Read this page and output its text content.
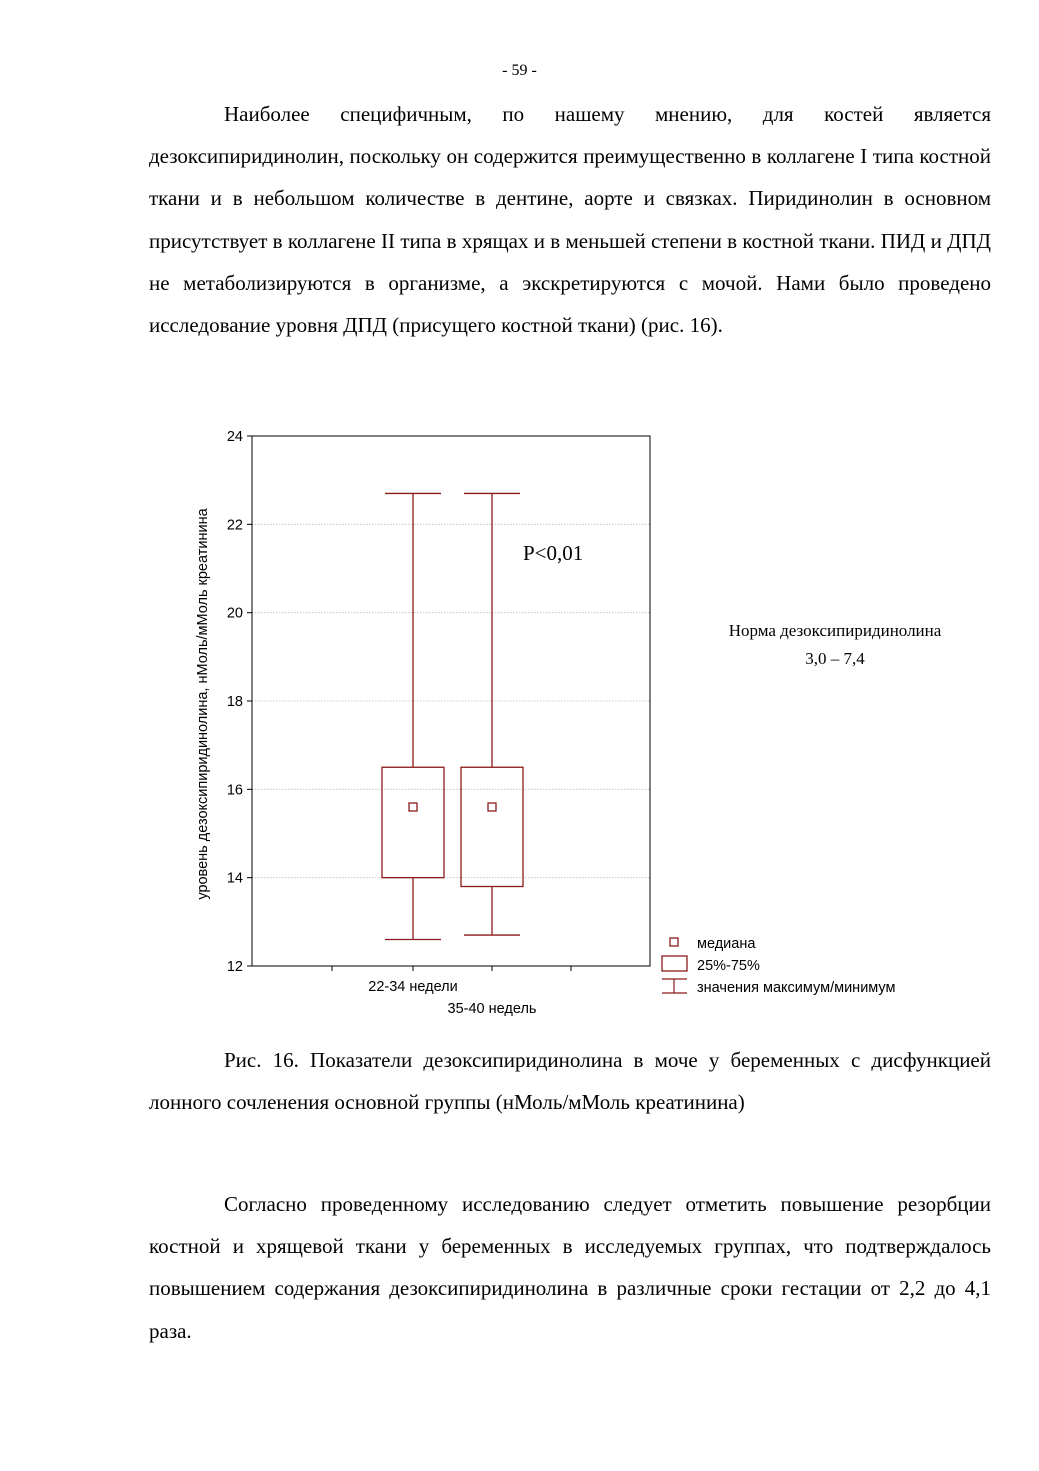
- 59 -

Наиболее специфичным, по нашему мнению, для костей является дезоксипиридинолин, поскольку он содержится преимущественно в коллагене I типа костной ткани и в небольшом количестве в дентине, аорте и связках. Пиридинолин в основном присутствует в коллагене II типа в хрящах и в меньшей степени в костной ткани. ПИД и ДПД не метаболизируются в организме, а экскретируются с мочой. Нами было проведено исследование уровня ДПД (присущего костной ткани) (рис. 16).

12
14
16
18
20
22
24
уровень дезоксипиридинолина, нМоль/мМоль креатинина
22-34 недели
35-40 недель
P<0,01
Норма дезоксипиридинолина
3,0 – 7,4
медиана
25%-75%
значения максимум/минимум

Рис. 16. Показатели дезоксипиридинолина в моче у беременных с дисфункцией лонного сочленения основной группы (нМоль/мМоль креатинина)

Согласно проведенному исследованию следует отметить повышение резорбции костной и хрящевой ткани у беременных в исследуемых группах, что подтверждалось повышением содержания дезоксипиридинолина в различные сроки гестации от 2,2 до 4,1 раза.
